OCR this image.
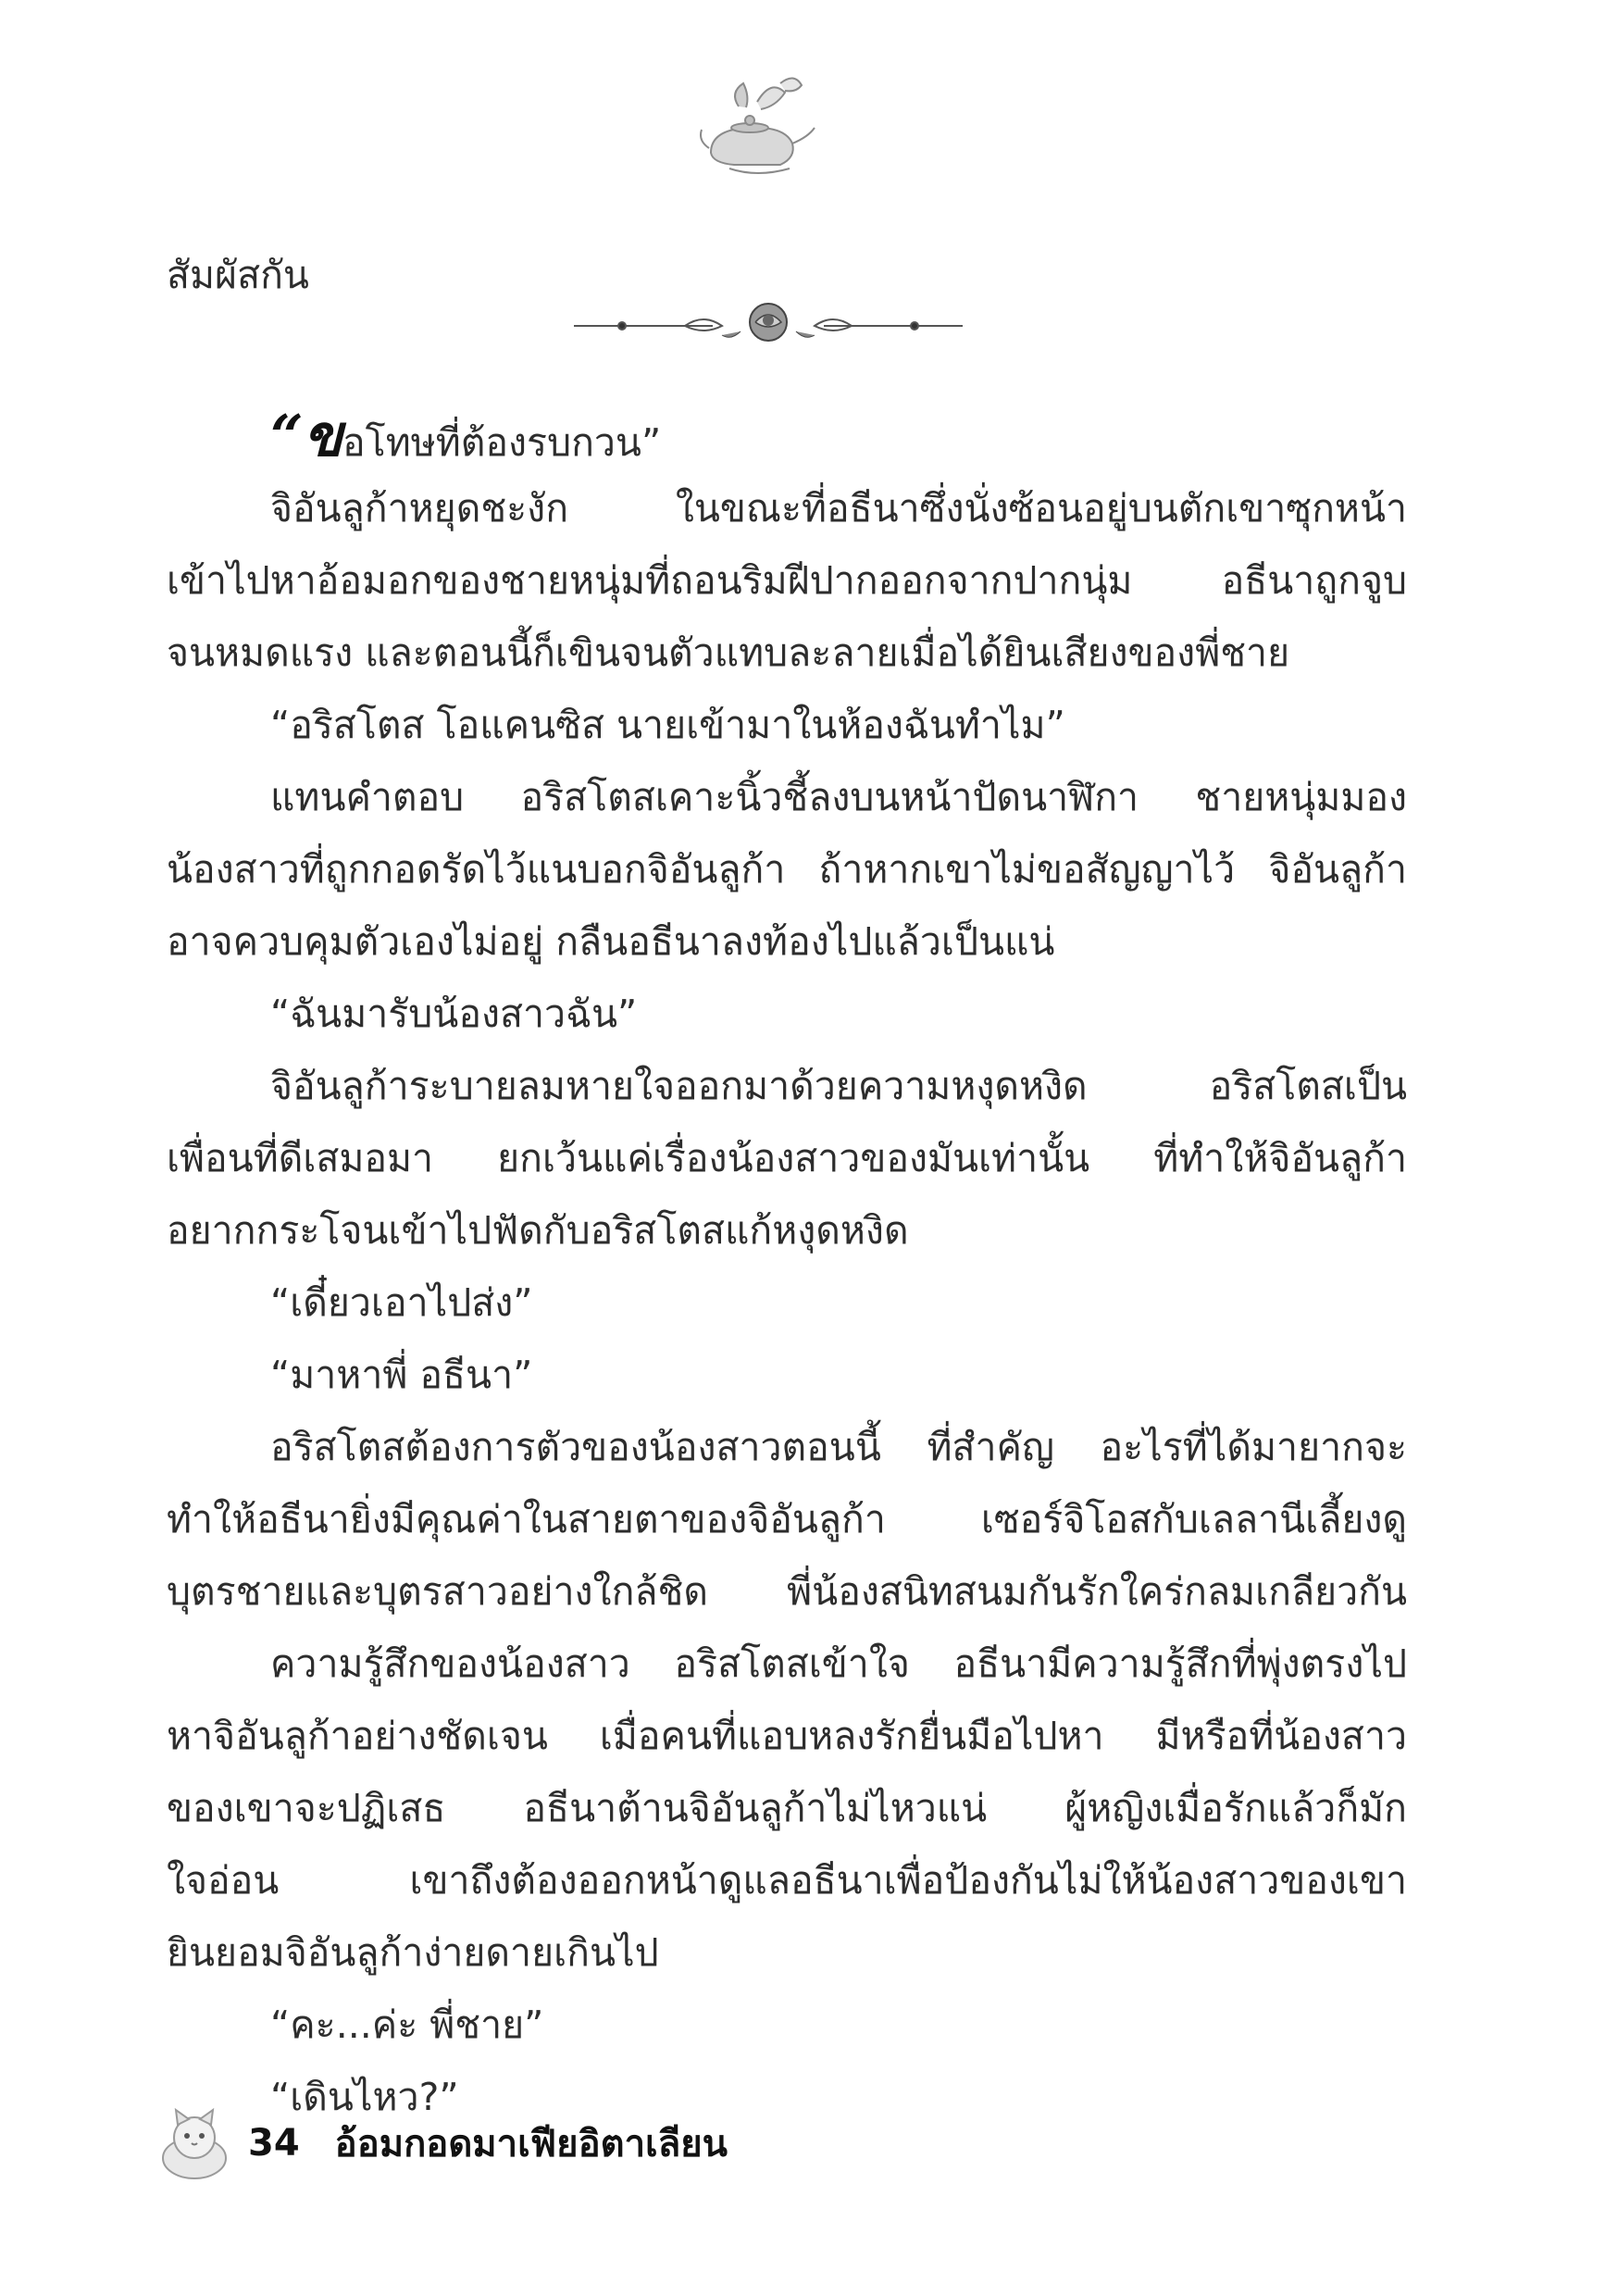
สัมผัสกัน
“ขอโทษที่ต้องรบกวน”
จิอันลูก้าหยุดชะงัก ในขณะที่อธีนาซึ่งนั่งซ้อนอยู่บนตักเขาซุกหน้า
เข้าไปหาอ้อมอกของชายหนุ่มที่ถอนริมฝีปากออกจากปากนุ่ม อธีนาถูกจูบ
จนหมดแรง และตอนนี้ก็เขินจนตัวแทบละลายเมื่อได้ยินเสียงของพี่ชาย
“อริสโตส โอแคนซิส นายเข้ามาในห้องฉันทำไม”
แทนคำตอบ อริสโตสเคาะนิ้วชี้ลงบนหน้าปัดนาฬิกา ชายหนุ่มมอง
น้องสาวที่ถูกกอดรัดไว้แนบอกจิอันลูก้า ถ้าหากเขาไม่ขอสัญญาไว้ จิอันลูก้า
อาจควบคุมตัวเองไม่อยู่ กลืนอธีนาลงท้องไปแล้วเป็นแน่
“ฉันมารับน้องสาวฉัน”
จิอันลูก้าระบายลมหายใจออกมาด้วยความหงุดหงิด อริสโตสเป็น
เพื่อนที่ดีเสมอมา ยกเว้นแค่เรื่องน้องสาวของมันเท่านั้น ที่ทำให้จิอันลูก้า
อยากกระโจนเข้าไปฟัดกับอริสโตสแก้หงุดหงิด
“เดี๋ยวเอาไปส่ง”
“มาหาพี่ อธีนา”
อริสโตสต้องการตัวของน้องสาวตอนนี้ ที่สำคัญ อะไรที่ได้มายากจะ
ทำให้อธีนายิ่งมีคุณค่าในสายตาของจิอันลูก้า เซอร์จิโอสกับเลลานีเลี้ยงดู
บุตรชายและบุตรสาวอย่างใกล้ชิด พี่น้องสนิทสนมกันรักใคร่กลมเกลียวกัน
ความรู้สึกของน้องสาว อริสโตสเข้าใจ อธีนามีความรู้สึกที่พุ่งตรงไป
หาจิอันลูก้าอย่างชัดเจน เมื่อคนที่แอบหลงรักยื่นมือไปหา มีหรือที่น้องสาว
ของเขาจะปฏิเสธ อธีนาต้านจิอันลูก้าไม่ไหวแน่ ผู้หญิงเมื่อรักแล้วก็มัก
ใจอ่อน เขาถึงต้องออกหน้าดูแลอธีนาเพื่อป้องกันไม่ให้น้องสาวของเขา
ยินยอมจิอันลูก้าง่ายดายเกินไป
“คะ...ค่ะ พี่ชาย”
“เดินไหว?”
34 อ้อมกอดมาเฟียอิตาเลียน
